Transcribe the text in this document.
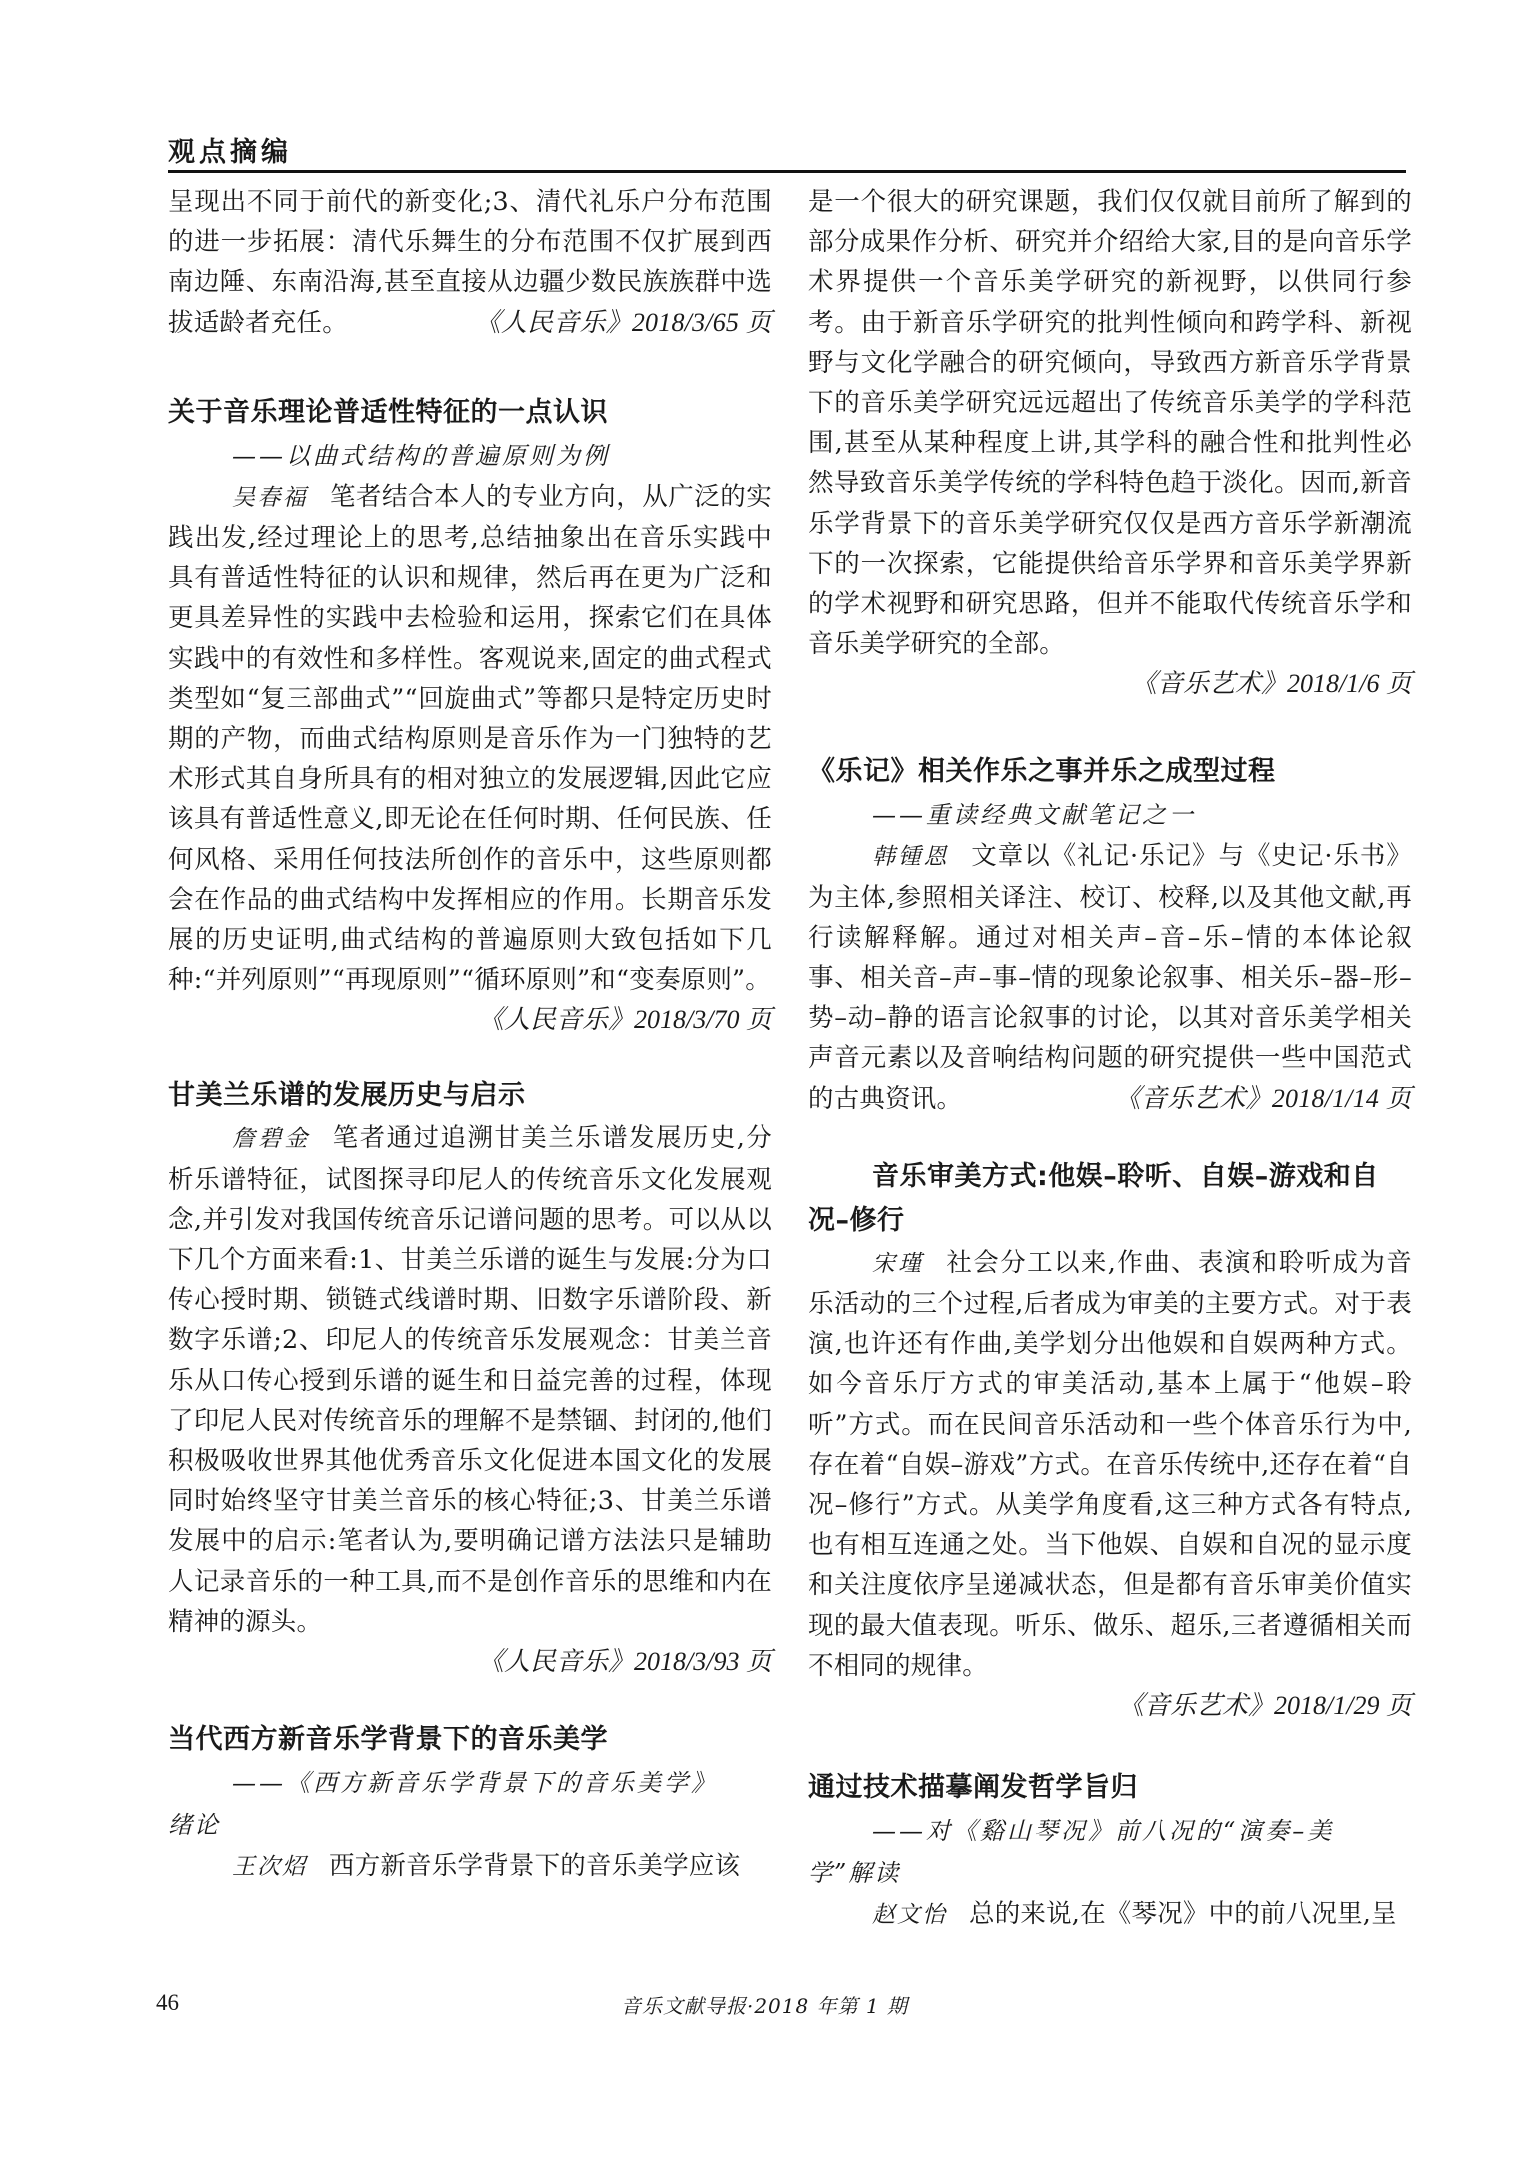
观点摘编

呈现出不同于前代的新变化;3、清代礼乐户分布范围的进一步拓展：清代乐舞生的分布范围不仅扩展到西南边陲、东南沿海,甚至直接从边疆少数民族族群中选拔适龄者充任。	《人民音乐》2018/3/65 页

关于音乐理论普适性特征的一点认识

——以曲式结构的普遍原则为例

吴春福 笔者结合本人的专业方向，从广泛的实践出发,经过理论上的思考,总结抽象出在音乐实践中具有普适性特征的认识和规律，然后再在更为广泛和更具差异性的实践中去检验和运用，探索它们在具体实践中的有效性和多样性。客观说来,固定的曲式程式类型如“复三部曲式”“回旋曲式”等都只是特定历史时期的产物，而曲式结构原则是音乐作为一门独特的艺术形式其自身所具有的相对独立的发展逻辑,因此它应该具有普适性意义,即无论在任何时期、任何民族、任何风格、采用任何技法所创作的音乐中，这些原则都会在作品的曲式结构中发挥相应的作用。长期音乐发展的历史证明,曲式结构的普遍原则大致包括如下几种:“并列原则”“再现原则”“循环原则”和“变奏原则”。

《人民音乐》2018/3/70 页
甘美兰乐谱的发展历史与启示

詹碧金 笔者通过追溯甘美兰乐谱发展历史,分析乐谱特征，试图探寻印尼人的传统音乐文化发展观念,并引发对我国传统音乐记谱问题的思考。可以从以下几个方面来看:1、甘美兰乐谱的诞生与发展:分为口传心授时期、锁链式线谱时期、旧数字乐谱阶段、新数字乐谱;2、印尼人的传统音乐发展观念：甘美兰音乐从口传心授到乐谱的诞生和日益完善的过程，体现了印尼人民对传统音乐的理解不是禁锢、封闭的,他们积极吸收世界其他优秀音乐文化促进本国文化的发展同时始终坚守甘美兰音乐的核心特征;3、甘美兰乐谱发展中的启示:笔者认为,要明确记谱方法法只是辅助人记录音乐的一种工具,而不是创作音乐的思维和内在精神的源头。

《人民音乐》2018/3/93 页
当代西方新音乐学背景下的音乐美学

——《西方新音乐学背景下的音乐美学》
绪论

王次炤 西方新音乐学背景下的音乐美学应该

是一个很大的研究课题，我们仅仅就目前所了解到的部分成果作分析、研究并介绍给大家,目的是向音乐学术界提供一个音乐美学研究的新视野，以供同行参考。由于新音乐学研究的批判性倾向和跨学科、新视野与文化学融合的研究倾向，导致西方新音乐学背景下的音乐美学研究远远超出了传统音乐美学的学科范围,甚至从某种程度上讲,其学科的融合性和批判性必然导致音乐美学传统的学科特色趋于淡化。因而,新音乐学背景下的音乐美学研究仅仅是西方音乐学新潮流下的一次探索，它能提供给音乐学界和音乐美学界新的学术视野和研究思路，但并不能取代传统音乐学和音乐美学研究的全部。

《音乐艺术》2018/1/6 页
《乐记》相关作乐之事并乐之成型过程

——重读经典文献笔记之一

韩锺恩 文章以《礼记·乐记》与《史记·乐书》为主体,参照相关译注、校订、校释,以及其他文献,再行读解释解。通过对相关声–音–乐–情的本体论叙事、相关音–声–事–情的现象论叙事、相关乐–器–形–势–动–静的语言论叙事的讨论，以其对音乐美学相关声音元素以及音响结构问题的研究提供一些中国范式的古典资讯。	《音乐艺术》2018/1/14 页

音乐审美方式:他娱–聆听、自娱–游戏和自况–修行

宋瑾 社会分工以来,作曲、表演和聆听成为音乐活动的三个过程,后者成为审美的主要方式。对于表演,也许还有作曲,美学划分出他娱和自娱两种方式。如今音乐厅方式的审美活动,基本上属于“他娱–聆听”方式。而在民间音乐活动和一些个体音乐行为中,存在着“自娱–游戏”方式。在音乐传统中,还存在着“自况–修行”方式。从美学角度看,这三种方式各有特点,也有相互连通之处。当下他娱、自娱和自况的显示度和关注度依序呈递减状态，但是都有音乐审美价值实现的最大值表现。听乐、做乐、超乐,三者遵循相关而不相同的规律。

《音乐艺术》2018/1/29 页
通过技术描摹阐发哲学旨归

——对《谿山琴况》前八况的“演奏–美
学”解读

赵文怡 总的来说,在《琴况》中的前八况里,呈

46	音乐文献导报·2018 年第 1 期
